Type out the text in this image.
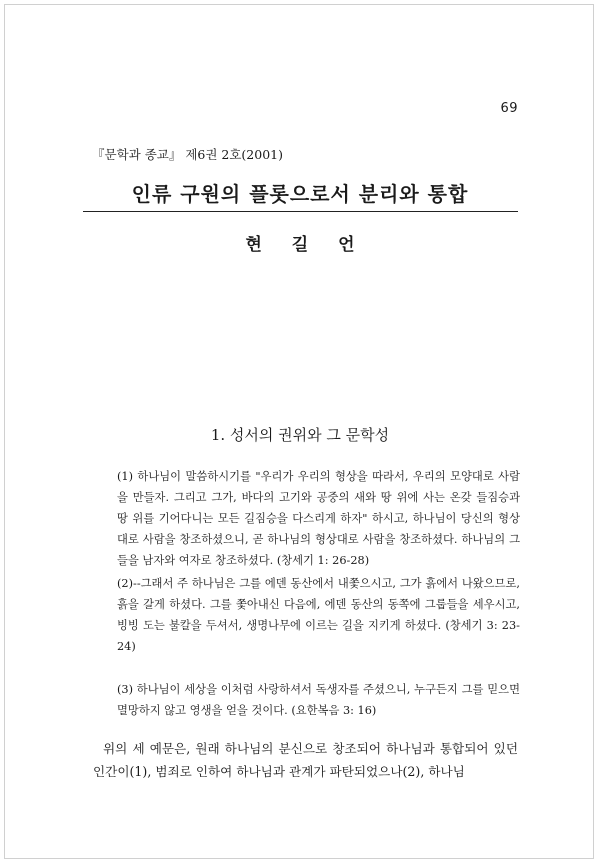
69
『문학과 종교』 제6권 2호(2001)
인류 구원의 플롯으로서 분리와 통합
현 길 언
1. 성서의 권위와 그 문학성

(1) 하나님이 말씀하시기를 "우리가 우리의 형상을 따라서, 우리의 모양대로 사람을 만들자. 그리고 그가, 바다의 고기와 공중의 새와 땅 위에 사는 온갖 들짐승과 땅 위를 기어다니는 모든 길짐승을 다스리게 하자" 하시고, 하나님이 당신의 형상대로 사람을 창조하셨으니, 곧 하나님의 형상대로 사람을 창조하셨다. 하나님의 그들을 남자와 여자로 창조하셨다. (창세기 1: 26-28)

(2)--그래서 주 하나님은 그를 에덴 동산에서 내쫓으시고, 그가 흙에서 나왔으므로, 흙을 갈게 하셨다. 그를 쫓아내신 다음에, 에덴 동산의 동쪽에 그룹들을 세우시고, 빙빙 도는 불칼을 두셔서, 생명나무에 이르는 길을 지키게 하셨다. (창세기 3: 23-24)

(3) 하나님이 세상을 이처럼 사랑하셔서 독생자를 주셨으니, 누구든지 그를 믿으면 멸망하지 않고 영생을 얻을 것이다. (요한복음 3: 16)

위의 세 예문은, 원래 하나님의 분신으로 창조되어 하나님과 통합되어 있던 인간이(1), 범죄로 인하여 하나님과 관계가 파탄되었으나(2), 하나님
